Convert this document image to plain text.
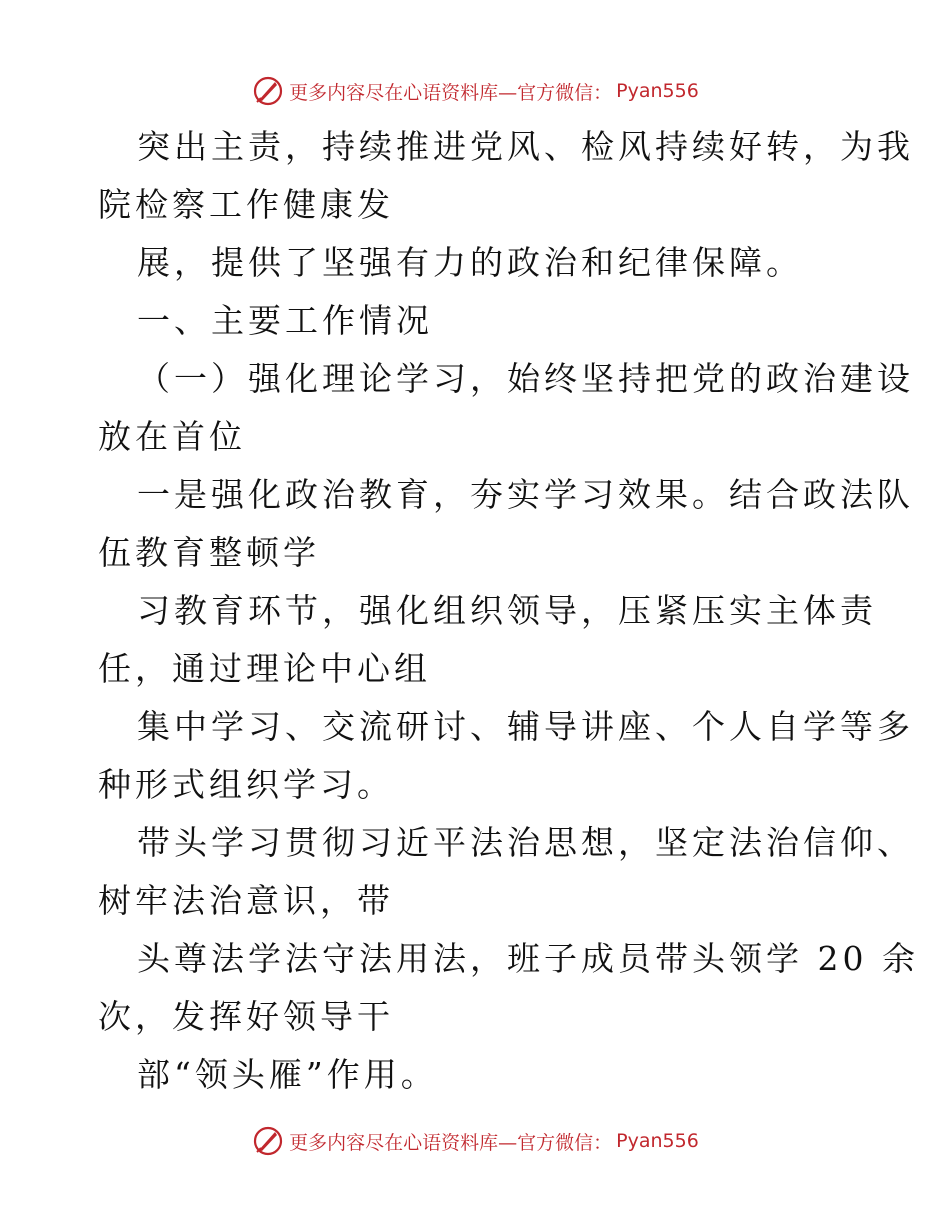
更多内容尽在心语资料库—官方微信： Pyan556
突出主责，持续推进党风、检风持续好转，为我
院检察工作健康发
展，提供了坚强有力的政治和纪律保障。
一、主要工作情况
（一）强化理论学习，始终坚持把党的政治建设
放在首位
一是强化政治教育，夯实学习效果。结合政法队
伍教育整顿学
习教育环节，强化组织领导，压紧压实主体责
任，通过理论中心组
集中学习、交流研讨、辅导讲座、个人自学等多
种形式组织学习。
带头学习贯彻习近平法治思想，坚定法治信仰、
树牢法治意识，带
头尊法学法守法用法，班子成员带头领学 20 余
次，发挥好领导干
部“领头雁”作用。
更多内容尽在心语资料库—官方微信： Pyan556
